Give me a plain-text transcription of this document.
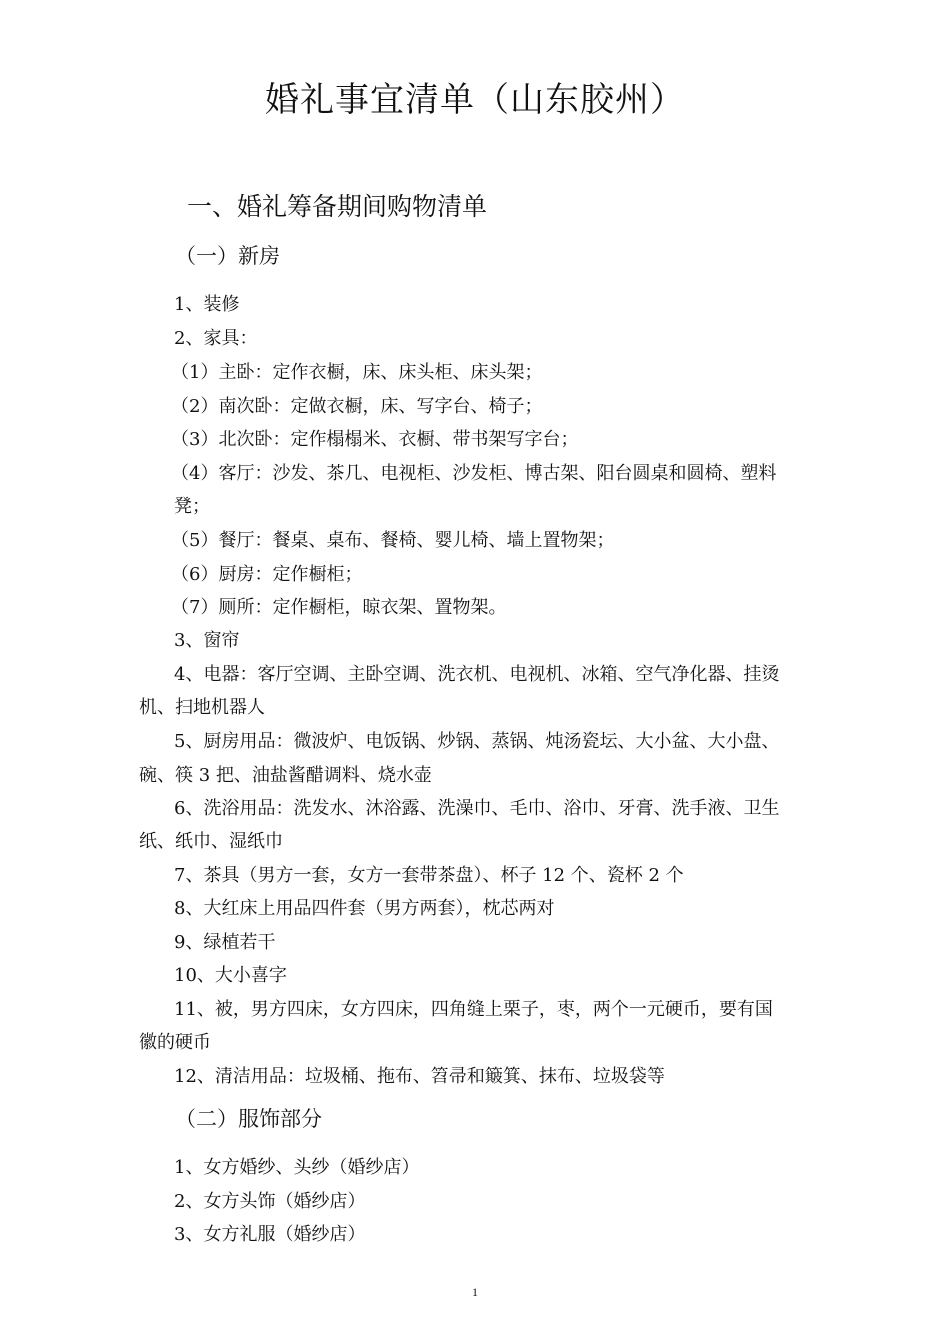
婚礼事宜清单（山东胶州）
一、婚礼筹备期间购物清单
（一）新房
1、装修
2、家具：
（1）主卧：定作衣橱，床、床头柜、床头架；
（2）南次卧：定做衣橱，床、写字台、椅子；
（3）北次卧：定作榻榻米、衣橱、带书架写字台；
（4）客厅：沙发、茶几、电视柜、沙发柜、博古架、阳台圆桌和圆椅、塑料
凳；
（5）餐厅：餐桌、桌布、餐椅、婴儿椅、墙上置物架；
（6）厨房：定作橱柜；
（7）厕所：定作橱柜，晾衣架、置物架。
3、窗帘
4、电器：客厅空调、主卧空调、洗衣机、电视机、冰箱、空气净化器、挂烫
机、扫地机器人
5、厨房用品：微波炉、电饭锅、炒锅、蒸锅、炖汤瓷坛、大小盆、大小盘、
碗、筷 3 把、油盐酱醋调料、烧水壶
6、洗浴用品：洗发水、沐浴露、洗澡巾、毛巾、浴巾、牙膏、洗手液、卫生
纸、纸巾、湿纸巾
7、茶具（男方一套，女方一套带茶盘）、杯子 12 个、瓷杯 2 个
8、大红床上用品四件套（男方两套），枕芯两对
9、绿植若干
10、大小喜字
11、被，男方四床，女方四床，四角缝上栗子，枣，两个一元硬币，要有国
徽的硬币
12、清洁用品：垃圾桶、拖布、笤帚和簸箕、抹布、垃圾袋等
（二）服饰部分
1、女方婚纱、头纱（婚纱店）
2、女方头饰（婚纱店）
3、女方礼服（婚纱店）
1
